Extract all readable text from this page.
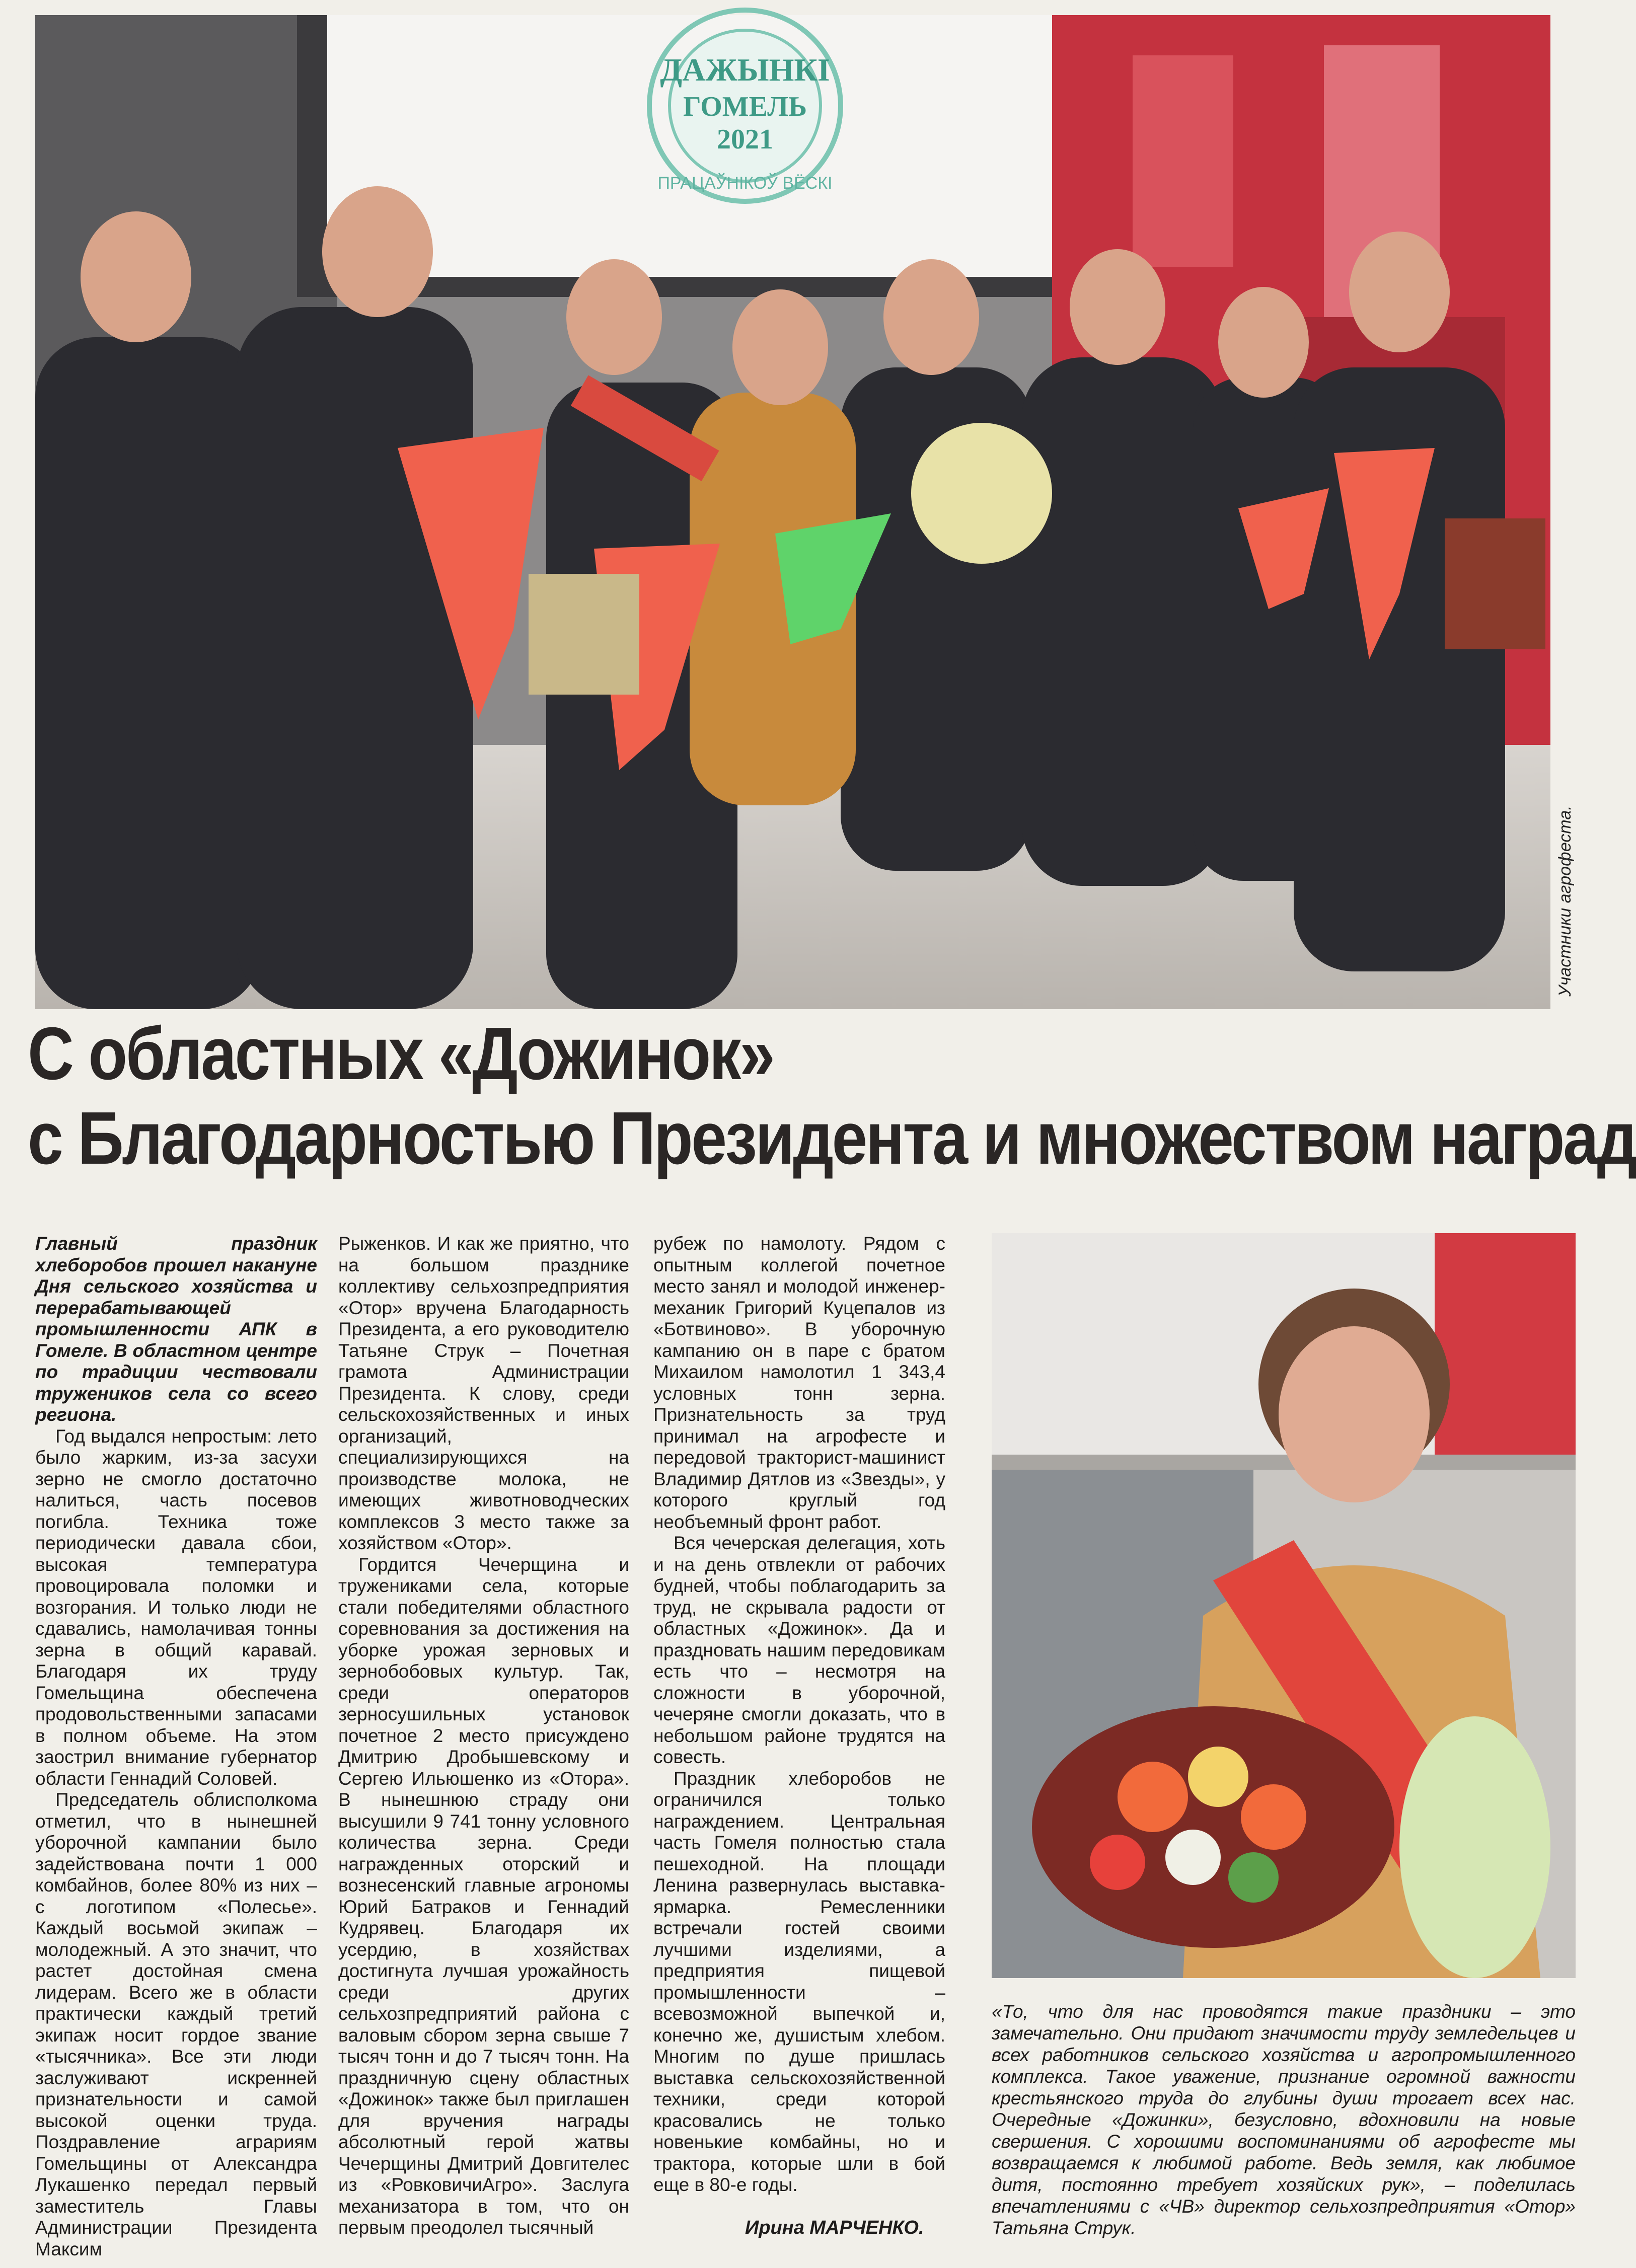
ДАЖЫНКІ
ГОМЕЛЬ
2021
ПРАЦАЎНІКОЎ ВЁСКІ
Участники агрофеста.
С областных «Дожинок»
с Благодарностью Президента и множеством наград

Главный праздник хлеборобов прошел накануне Дня сельского хозяйства и перерабатывающей промышленности АПК в Гомеле. В областном центре по традиции чествовали тружеников села со всего региона.

Год выдался непростым: лето было жарким, из-за засухи зерно не смогло достаточно налиться, часть посевов погибла. Техника тоже периодически давала сбои, высокая температура провоцировала поломки и возгорания. И только люди не сдавались, намолачивая тонны зерна в общий каравай. Благодаря их труду Гомельщина обеспечена продовольственными запасами в полном объеме. На этом заострил внимание губернатор области Геннадий Соловей.

Председатель облисполкома отметил, что в нынешней уборочной кампании было задействована почти 1 000 комбайнов, более 80% из них – с логотипом «Полесье». Каждый восьмой экипаж – молодежный. А это значит, что растет достойная смена лидерам. Всего же в области практически каждый третий экипаж носит гордое звание «тысячника». Все эти люди заслуживают искренней признательности и самой высокой оценки труда. Поздравление аграриям Гомельщины от Александра Лукашенко передал первый заместитель Главы Администрации Президента Максим

Рыженков. И как же приятно, что на большом празднике коллективу сельхозпредприятия «Отор» вручена Благодарность Президента, а его руководителю Татьяне Струк – Почетная грамота Администрации Президента. К слову, среди сельскохозяйственных и иных организаций, специализирующихся на производстве молока, не имеющих животноводческих комплексов 3 место также за хозяйством «Отор».

Гордится Чечерщина и тружениками села, которые стали победителями областного соревнования за достижения на уборке урожая зерновых и зернобобовых культур. Так, среди операторов зерносушильных установок почетное 2 место присуждено Дмитрию Дробышевскому и Сергею Ильюшенко из «Отора». В нынешнюю страду они высушили 9 741 тонну условного количества зерна. Среди награжденных оторский и вознесенский главные агрономы Юрий Батраков и Геннадий Кудрявец. Благодаря их усердию, в хозяйствах достигнута лучшая урожайность среди других сельхозпредприятий района с валовым сбором зерна свыше 7 тысяч тонн и до 7 тысяч тонн. На праздничную сцену областных «Дожинок» также был приглашен для вручения награды абсолютный герой жатвы Чечерщины Дмитрий Довгителес из «РовковичиАгро». Заслуга механизатора в том, что он первым преодолел тысячный

рубеж по намолоту. Рядом с опытным коллегой почетное место занял и молодой инженер-механик Григорий Куцепалов из «Ботвиново». В уборочную кампанию он в паре с братом Михаилом намолотил 1 343,4 условных тонн зерна. Признательность за труд принимал на агрофесте и передовой тракторист-машинист Владимир Дятлов из «Звезды», у которого круглый год необъемный фронт работ.

Вся чечерская делегация, хоть и на день отвлекли от рабочих будней, чтобы поблагодарить за труд, не скрывала радости от областных «Дожинок». Да и праздновать нашим передовикам есть что – несмотря на сложности в уборочной, чечеряне смогли доказать, что в небольшом районе трудятся на совесть.

Праздник хлеборобов не ограничился только награждением. Центральная часть Гомеля полностью стала пешеходной. На площади Ленина развернулась выставка-ярмарка. Ремесленники встречали гостей своими лучшими изделиями, а предприятия пищевой промышленности – всевозможной выпечкой и, конечно же, душистым хлебом. Многим по душе пришлась выставка сельскохозяйственной техники, среди которой красовались не только новенькие комбайны, но и трактора, которые шли в бой еще в 80-е годы.

Ирина МАРЧЕНКО.
«То, что для нас проводятся такие праздники – это замечательно. Они придают значимости труду земледельцев и всех работников сельского хозяйства и агропромышленного комплекса. Такое уважение, признание огромной важности крестьянского труда до глубины души трогает всех нас. Очередные «Дожинки», безусловно, вдохновили на новые свершения. С хорошими воспоминаниями об агрофесте мы возвращаемся к любимой работе. Ведь земля, как любимое дитя, постоянно требует хозяйских рук», – поделилась впечатлениями с «ЧВ» директор сельхозпредприятия «Отор» Татьяна Струк.
